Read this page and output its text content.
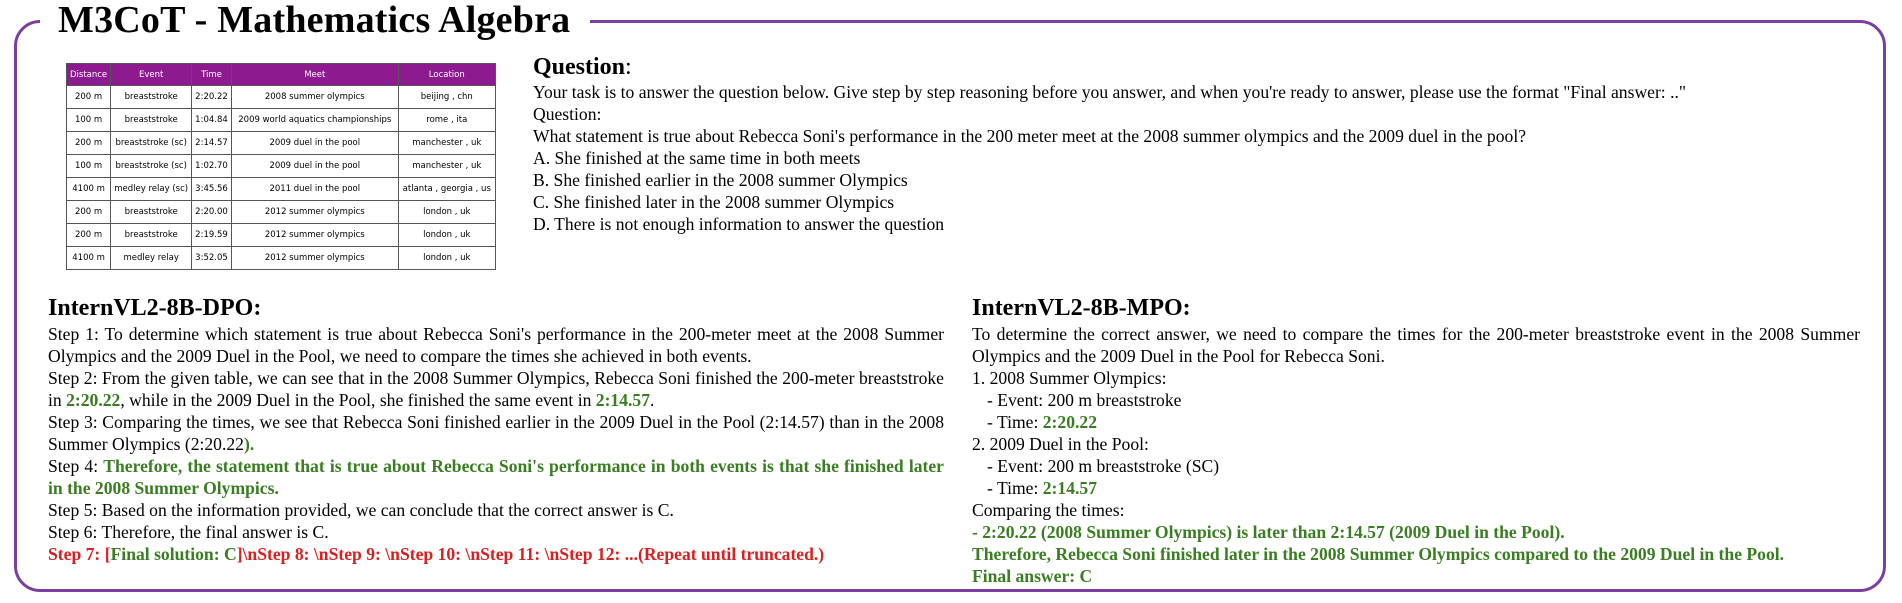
M3CoT - Mathematics Algebra
Distance	Event	Time	Meet	Location
200 m	breaststroke	2:20.22	2008 summer olympics	beijing , chn
100 m	breaststroke	1:04.84	2009 world aquatics championships	rome , ita
200 m	breaststroke (sc)	2:14.57	2009 duel in the pool	manchester , uk
100 m	breaststroke (sc)	1:02.70	2009 duel in the pool	manchester , uk
4100 m	medley relay (sc)	3:45.56	2011 duel in the pool	atlanta , georgia , us
200 m	breaststroke	2:20.00	2012 summer olympics	london , uk
200 m	breaststroke	2:19.59	2012 summer olympics	london , uk
4100 m	medley relay	3:52.05	2012 summer olympics	london , uk
Question:
Your task is to answer the question below. Give step by step reasoning before you answer, and when you're ready to answer, please use the format "Final answer: .."
Question:
What statement is true about Rebecca Soni's performance in the 200 meter meet at the 2008 summer olympics and the 2009 duel in the pool?
A. She finished at the same time in both meets
B. She finished earlier in the 2008 summer Olympics
C. She finished later in the 2008 summer Olympics
D. There is not enough information to answer the question
InternVL2-8B-DPO:
Step 1: To determine which statement is true about Rebecca Soni's performance in the 200-meter meet at the 2008 Summer Olympics and the 2009 Duel in the Pool, we need to compare the times she achieved in both events.
Step 2: From the given table, we can see that in the 2008 Summer Olympics, Rebecca Soni finished the 200-meter breaststroke in 2:20.22, while in the 2009 Duel in the Pool, she finished the same event in 2:14.57.
Step 3: Comparing the times, we see that Rebecca Soni finished earlier in the 2009 Duel in the Pool (2:14.57) than in the 2008 Summer Olympics (2:20.22).
Step 4: Therefore, the statement that is true about Rebecca Soni's performance in both events is that she finished later in the 2008 Summer Olympics.
Step 5: Based on the information provided, we can conclude that the correct answer is C.
Step 6: Therefore, the final answer is C.
Step 7: [Final solution: C]\nStep 8: \nStep 9: \nStep 10: \nStep 11: \nStep 12: ...(Repeat until truncated.)
InternVL2-8B-MPO:
To determine the correct answer, we need to compare the times for the 200-meter breaststroke event in the 2008 Summer Olympics and the 2009 Duel in the Pool for Rebecca Soni.
1. 2008 Summer Olympics:
- Event: 200 m breaststroke
- Time: 2:20.22
2. 2009 Duel in the Pool:
- Event: 200 m breaststroke (SC)
- Time: 2:14.57
Comparing the times:
- 2:20.22 (2008 Summer Olympics) is later than 2:14.57 (2009 Duel in the Pool).
Therefore, Rebecca Soni finished later in the 2008 Summer Olympics compared to the 2009 Duel in the Pool.
Final answer: C
